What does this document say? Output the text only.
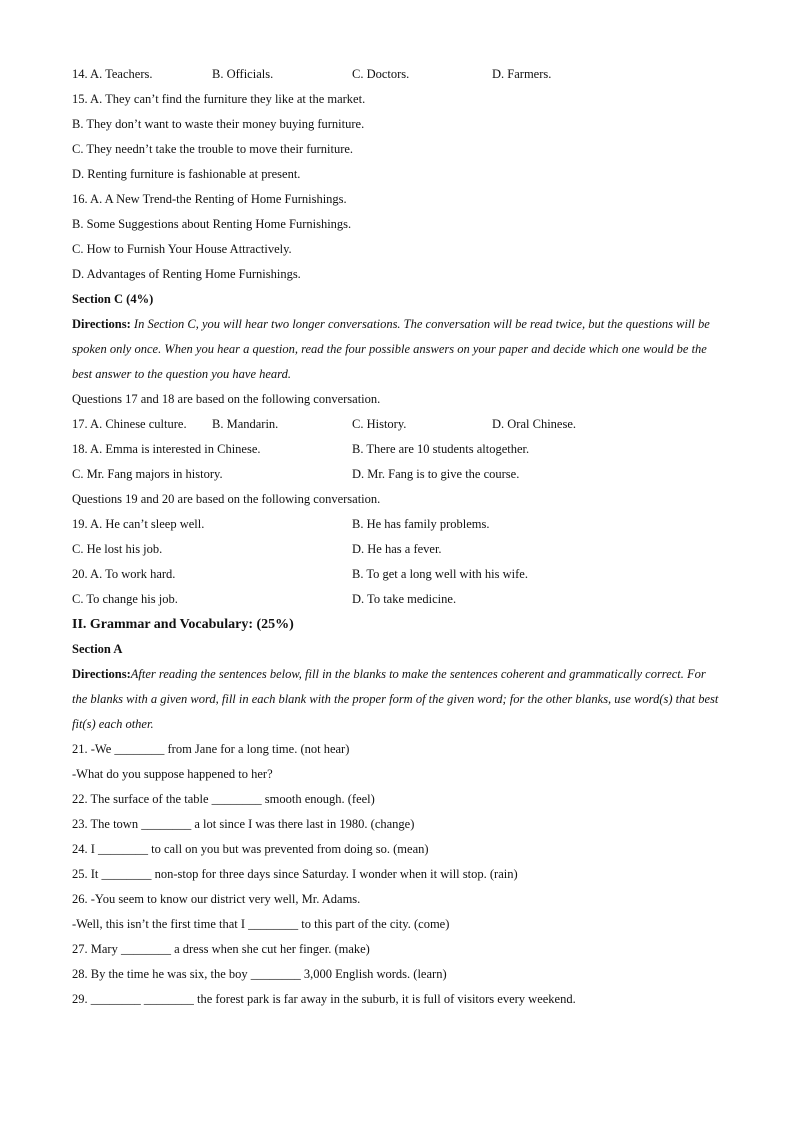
14. A. Teachers.	B. Officials.	C. Doctors.	D. Farmers.
15. A. They can’t find the furniture they like at the market.
B. They don’t want to waste their money buying furniture.
C. They needn’t take the trouble to move their furniture.
D. Renting furniture is fashionable at present.
16. A. A New Trend-the Renting of Home Furnishings.
B. Some Suggestions about Renting Home Furnishings.
C. How to Furnish Your House Attractively.
D. Advantages of Renting Home Furnishings.
Section C (4%)
Directions: In Section C, you will hear two longer conversations. The conversation will be read twice, but the questions will be spoken only once. When you hear a question, read the four possible answers on your paper and decide which one would be the best answer to the question you have heard.
Questions 17 and 18 are based on the following conversation.
17. A. Chinese culture. B. Mandarin.	C. History.	D. Oral Chinese.
18. A. Emma is interested in Chinese.	B. There are 10 students altogether.
C. Mr. Fang majors in history.	D. Mr. Fang is to give the course.
Questions 19 and 20 are based on the following conversation.
19. A. He can’t sleep well.	B. He has family problems.
C. He lost his job.	D. He has a fever.
20. A. To work hard.	B. To get a long well with his wife.
C. To change his job.	D. To take medicine.
II. Grammar and Vocabulary: (25%)
Section A
Directions:After reading the sentences below, fill in the blanks to make the sentences coherent and grammatically correct. For the blanks with a given word, fill in each blank with the proper form of the given word; for the other blanks, use word(s) that best fit(s) each other.
21. -We ________ from Jane for a long time. (not hear)
-What do you suppose happened to her?
22. The surface of the table ________ smooth enough. (feel)
23. The town ________ a lot since I was there last in 1980. (change)
24. I ________ to call on you but was prevented from doing so. (mean)
25. It ________ non-stop for three days since Saturday. I wonder when it will stop. (rain)
26. -You seem to know our district very well, Mr. Adams.
-Well, this isn’t the first time that I ________ to this part of the city. (come)
27. Mary ________ a dress when she cut her finger. (make)
28. By the time he was six, the boy ________ 3,000 English words. (learn)
29. ________ ________ the forest park is far away in the suburb, it is full of visitors every weekend.
